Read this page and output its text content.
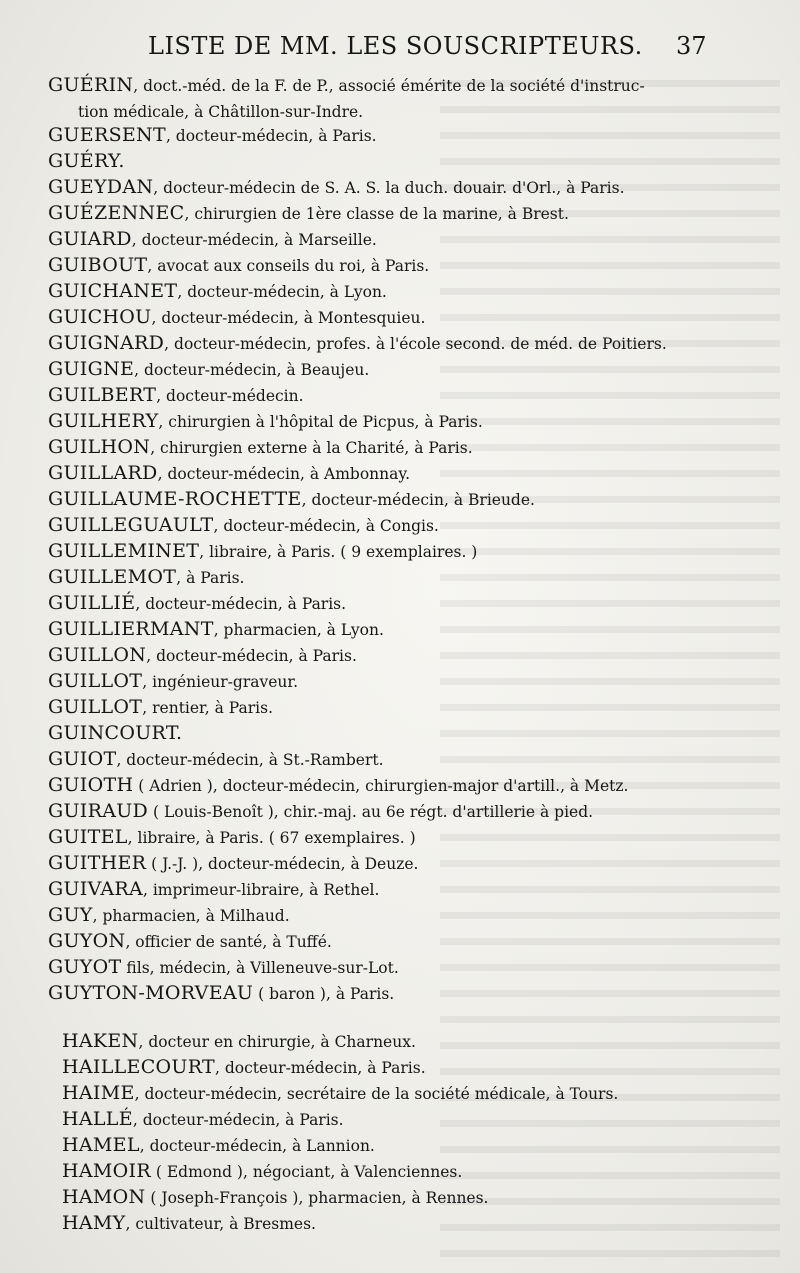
LISTE DE MM. LES SOUSCRIPTEURS. 37
GUÉRIN, doct.-méd. de la F. de P., associé émérite de la société d'instruc-
tion médicale, à Châtillon-sur-Indre.
GUERSENT, docteur-médecin, à Paris.
GUÉRY.
GUEYDAN, docteur-médecin de S. A. S. la duch. douair. d'Orl., à Paris.
GUÉZENNEC, chirurgien de 1ère classe de la marine, à Brest.
GUIARD, docteur-médecin, à Marseille.
GUIBOUT, avocat aux conseils du roi, à Paris.
GUICHANET, docteur-médecin, à Lyon.
GUICHOU, docteur-médecin, à Montesquieu.
GUIGNARD, docteur-médecin, profes. à l'école second. de méd. de Poitiers.
GUIGNE, docteur-médecin, à Beaujeu.
GUILBERT, docteur-médecin.
GUILHERY, chirurgien à l'hôpital de Picpus, à Paris.
GUILHON, chirurgien externe à la Charité, à Paris.
GUILLARD, docteur-médecin, à Ambonnay.
GUILLAUME-ROCHETTE, docteur-médecin, à Brieude.
GUILLEGUAULT, docteur-médecin, à Congis.
GUILLEMINET, libraire, à Paris. ( 9 exemplaires. )
GUILLEMOT, à Paris.
GUILLIÉ, docteur-médecin, à Paris.
GUILLIERMANT, pharmacien, à Lyon.
GUILLON, docteur-médecin, à Paris.
GUILLOT, ingénieur-graveur.
GUILLOT, rentier, à Paris.
GUINCOURT.
GUIOT, docteur-médecin, à St.-Rambert.
GUIOTH ( Adrien ), docteur-médecin, chirurgien-major d'artill., à Metz.
GUIRAUD ( Louis-Benoît ), chir.-maj. au 6e régt. d'artillerie à pied.
GUITEL, libraire, à Paris. ( 67 exemplaires. )
GUITHER ( J.-J. ), docteur-médecin, à Deuze.
GUIVARA, imprimeur-libraire, à Rethel.
GUY, pharmacien, à Milhaud.
GUYON, officier de santé, à Tuffé.
GUYOT fils, médecin, à Villeneuve-sur-Lot.
GUYTON-MORVEAU ( baron ), à Paris.
HAKEN, docteur en chirurgie, à Charneux.
HAILLECOURT, docteur-médecin, à Paris.
HAIME, docteur-médecin, secrétaire de la société médicale, à Tours.
HALLÉ, docteur-médecin, à Paris.
HAMEL, docteur-médecin, à Lannion.
HAMOIR ( Edmond ), négociant, à Valenciennes.
HAMON ( Joseph-François ), pharmacien, à Rennes.
HAMY, cultivateur, à Bresmes.
